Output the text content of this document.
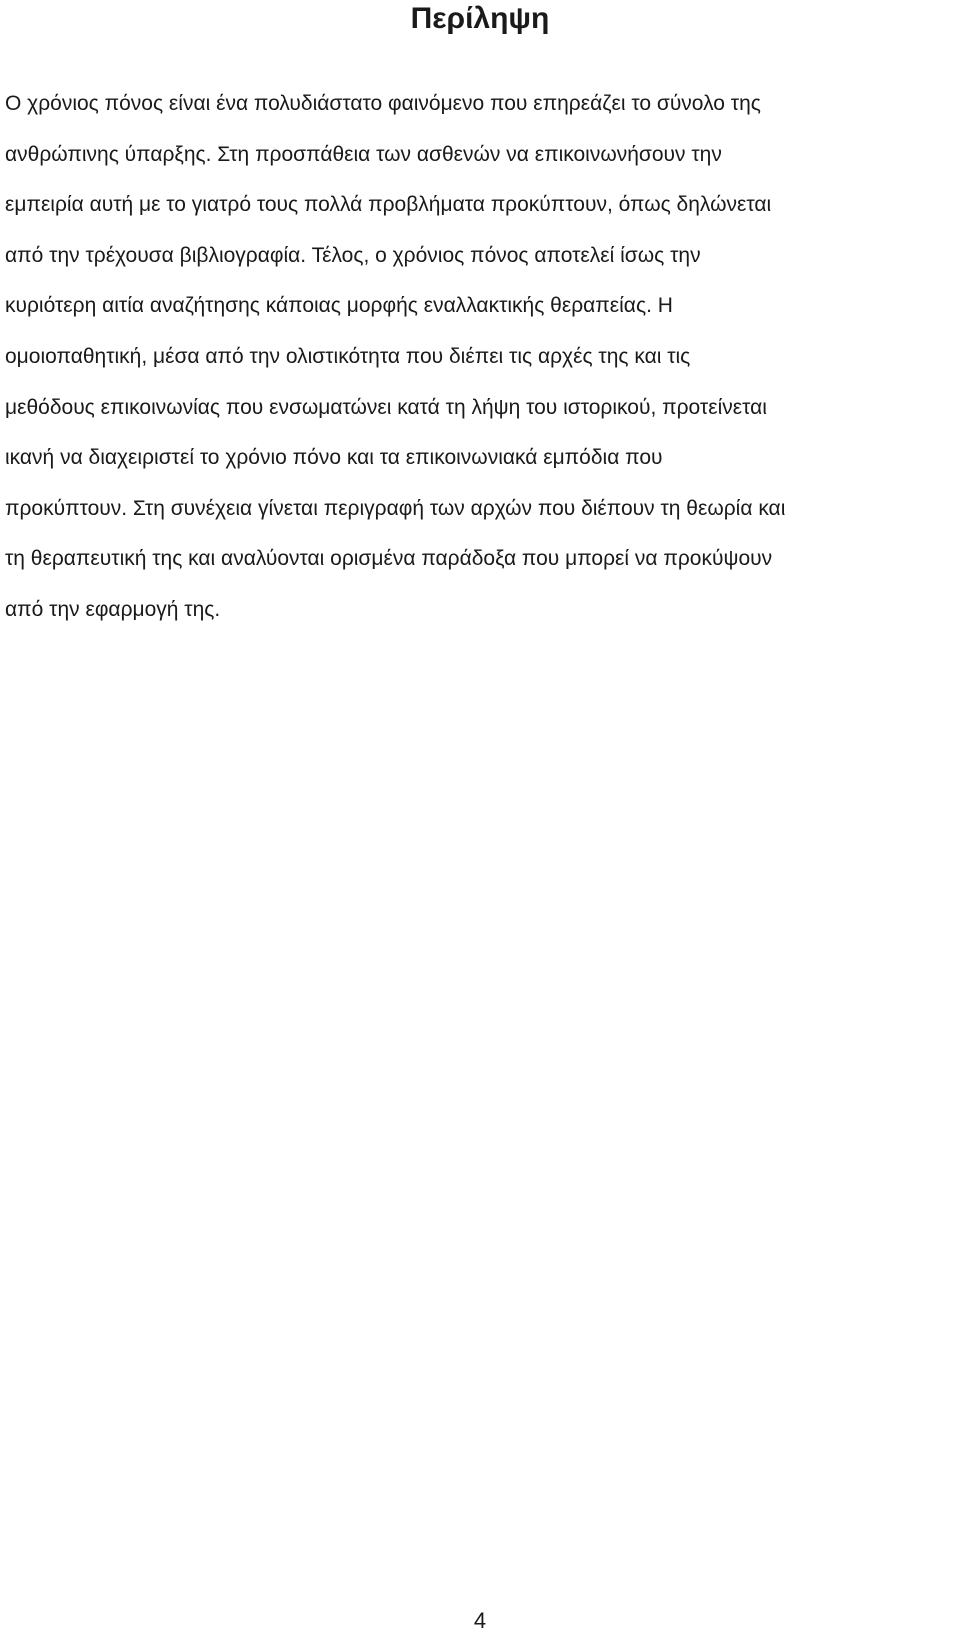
Περίληψη

Ο χρόνιος πόνος είναι ένα πολυδιάστατο φαινόμενο που επηρεάζει το σύνολο της
ανθρώπινης ύπαρξης. Στη προσπάθεια των ασθενών να επικοινωνήσουν την
εμπειρία αυτή με το γιατρό τους πολλά προβλήματα προκύπτουν, όπως δηλώνεται
από την τρέχουσα βιβλιογραφία. Τέλος, ο χρόνιος πόνος αποτελεί ίσως την
κυριότερη αιτία αναζήτησης κάποιας μορφής εναλλακτικής θεραπείας. Η
ομοιοπαθητική, μέσα από την ολιστικότητα που διέπει τις αρχές της και τις
μεθόδους επικοινωνίας που ενσωματώνει κατά τη λήψη του ιστορικού, προτείνεται
ικανή να διαχειριστεί το χρόνιο πόνο και τα επικοινωνιακά εμπόδια που
προκύπτουν. Στη συνέχεια γίνεται περιγραφή των αρχών που διέπουν τη θεωρία και
τη θεραπευτική της και αναλύονται ορισμένα παράδοξα που μπορεί να προκύψουν
από την εφαρμογή της.

4
